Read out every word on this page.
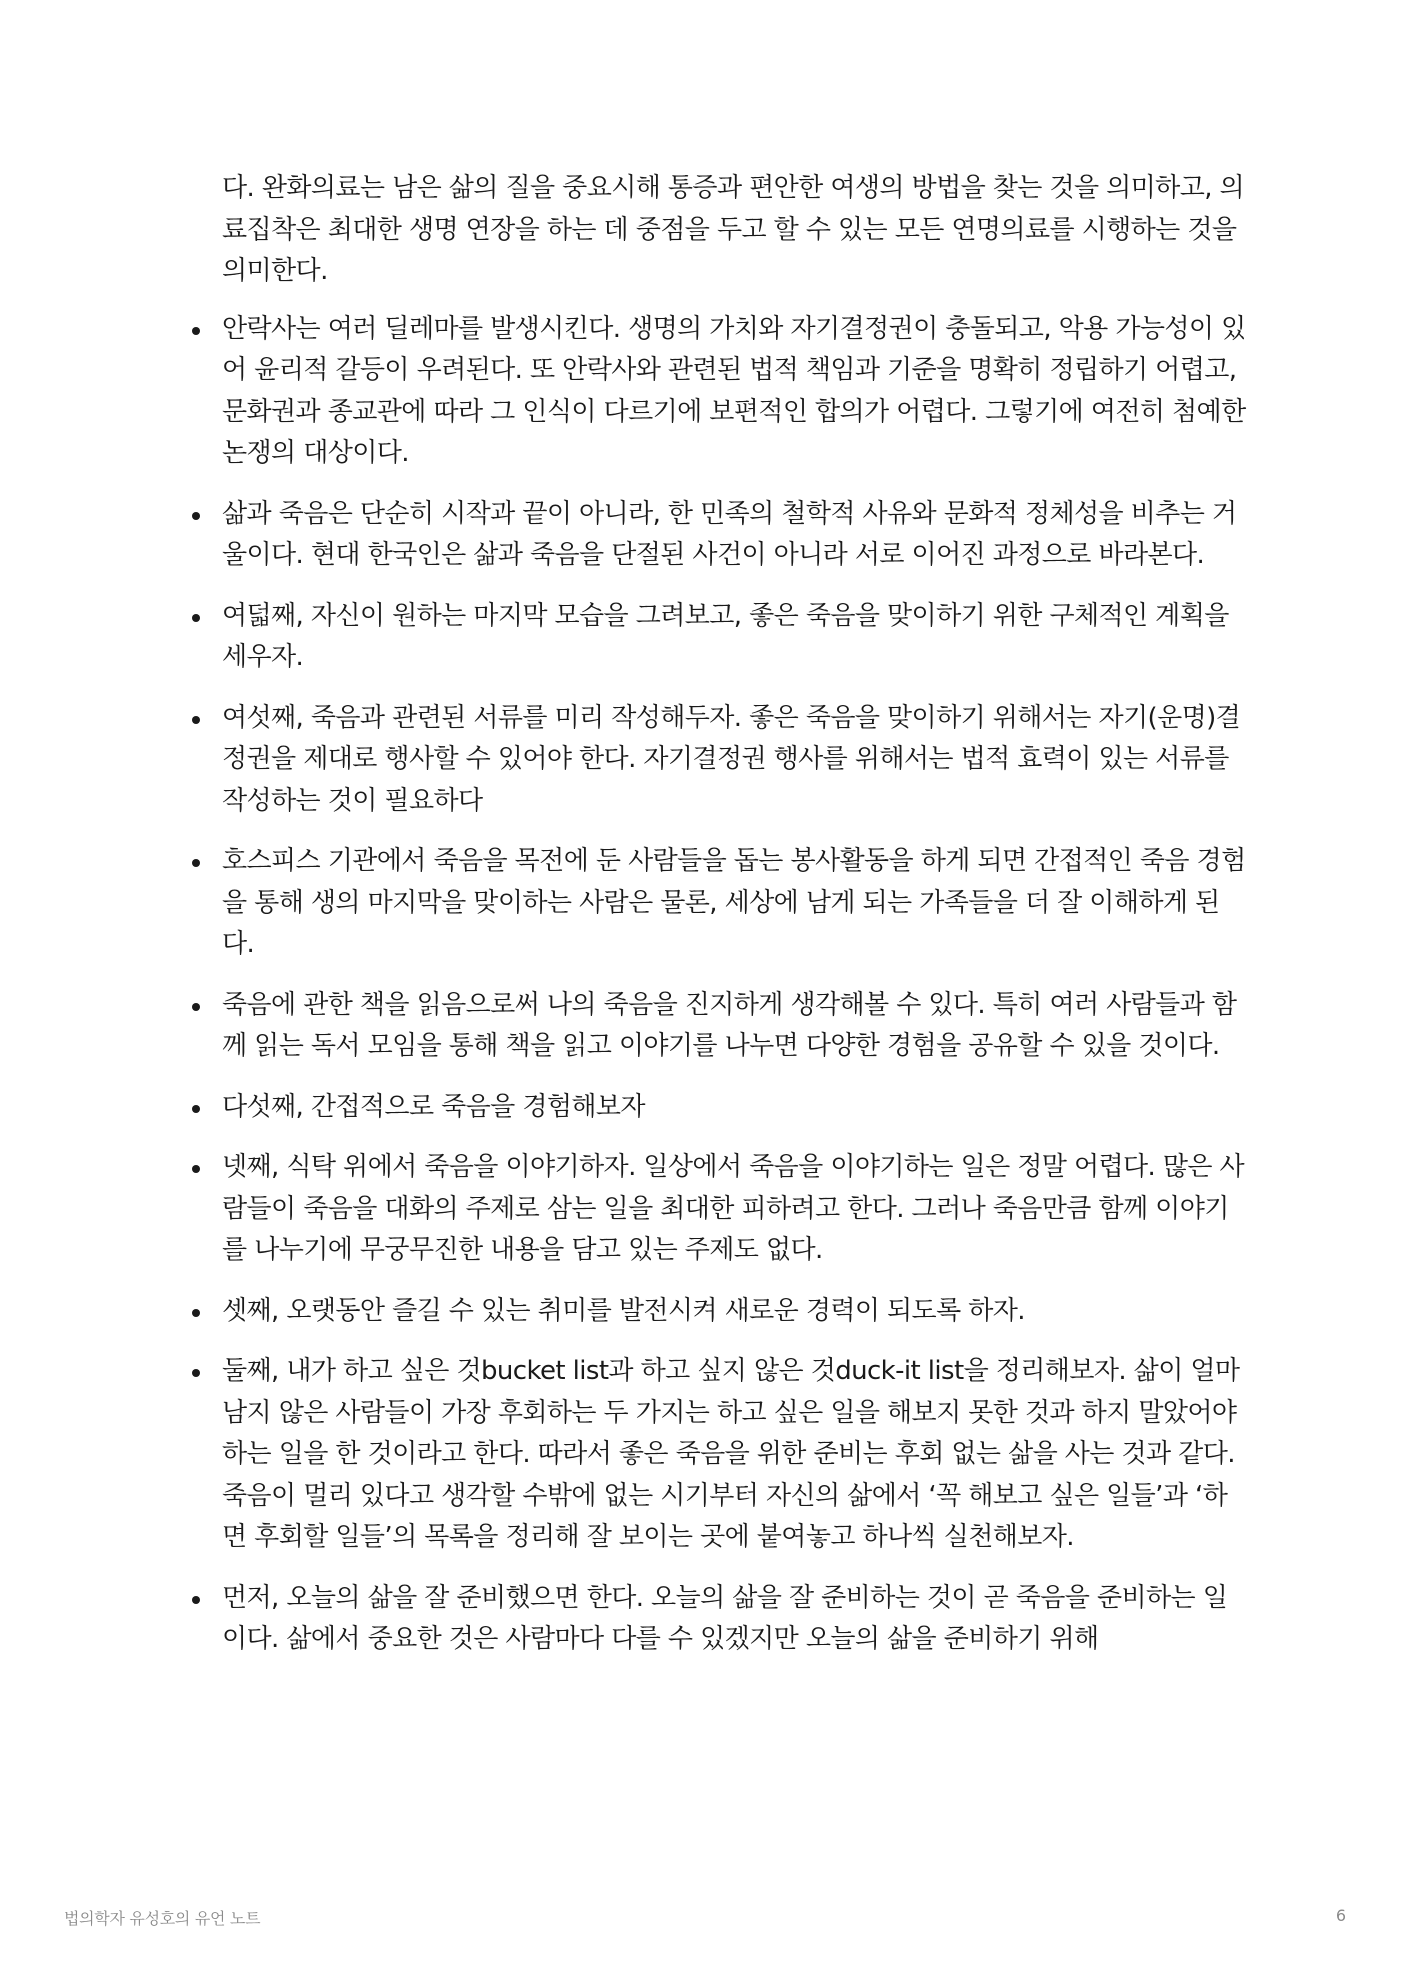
다. 완화의료는 남은 삶의 질을 중요시해 통증과 편안한 여생의 방법을 찾는 것을 의미하고, 의료집착은 최대한 생명 연장을 하는 데 중점을 두고 할 수 있는 모든 연명의료를 시행하는 것을 의미한다.

안락사는 여러 딜레마를 발생시킨다. 생명의 가치와 자기결정권이 충돌되고, 악용 가능성이 있어 윤리적 갈등이 우려된다. 또 안락사와 관련된 법적 책임과 기준을 명확히 정립하기 어렵고, 문화권과 종교관에 따라 그 인식이 다르기에 보편적인 합의가 어렵다. 그렇기에 여전히 첨예한 논쟁의 대상이다.
삶과 죽음은 단순히 시작과 끝이 아니라, 한 민족의 철학적 사유와 문화적 정체성을 비추는 거울이다. 현대 한국인은 삶과 죽음을 단절된 사건이 아니라 서로 이어진 과정으로 바라본다.
여덟째, 자신이 원하는 마지막 모습을 그려보고, 좋은 죽음을 맞이하기 위한 구체적인 계획을 세우자.
여섯째, 죽음과 관련된 서류를 미리 작성해두자. 좋은 죽음을 맞이하기 위해서는 자기(운명)결정권을 제대로 행사할 수 있어야 한다. 자기결정권 행사를 위해서는 법적 효력이 있는 서류를 작성하는 것이 필요하다
호스피스 기관에서 죽음을 목전에 둔 사람들을 돕는 봉사활동을 하게 되면 간접적인 죽음 경험을 통해 생의 마지막을 맞이하는 사람은 물론, 세상에 남게 되는 가족들을 더 잘 이해하게 된다.
죽음에 관한 책을 읽음으로써 나의 죽음을 진지하게 생각해볼 수 있다. 특히 여러 사람들과 함께 읽는 독서 모임을 통해 책을 읽고 이야기를 나누면 다양한 경험을 공유할 수 있을 것이다.
다섯째, 간접적으로 죽음을 경험해보자
넷째, 식탁 위에서 죽음을 이야기하자. 일상에서 죽음을 이야기하는 일은 정말 어렵다. 많은 사람들이 죽음을 대화의 주제로 삼는 일을 최대한 피하려고 한다. 그러나 죽음만큼 함께 이야기를 나누기에 무궁무진한 내용을 담고 있는 주제도 없다.
셋째, 오랫동안 즐길 수 있는 취미를 발전시켜 새로운 경력이 되도록 하자.
둘째, 내가 하고 싶은 것bucket list과 하고 싶지 않은 것duck-it list을 정리해보자. 삶이 얼마 남지 않은 사람들이 가장 후회하는 두 가지는 하고 싶은 일을 해보지 못한 것과 하지 말았어야 하는 일을 한 것이라고 한다. 따라서 좋은 죽음을 위한 준비는 후회 없는 삶을 사는 것과 같다. 죽음이 멀리 있다고 생각할 수밖에 없는 시기부터 자신의 삶에서 ‘꼭 해보고 싶은 일들’과 ‘하면 후회할 일들’의 목록을 정리해 잘 보이는 곳에 붙여놓고 하나씩 실천해보자.
먼저, 오늘의 삶을 잘 준비했으면 한다. 오늘의 삶을 잘 준비하는 것이 곧 죽음을 준비하는 일이다. 삶에서 중요한 것은 사람마다 다를 수 있겠지만 오늘의 삶을 준비하기 위해
법의학자 유성호의 유언 노트	6
